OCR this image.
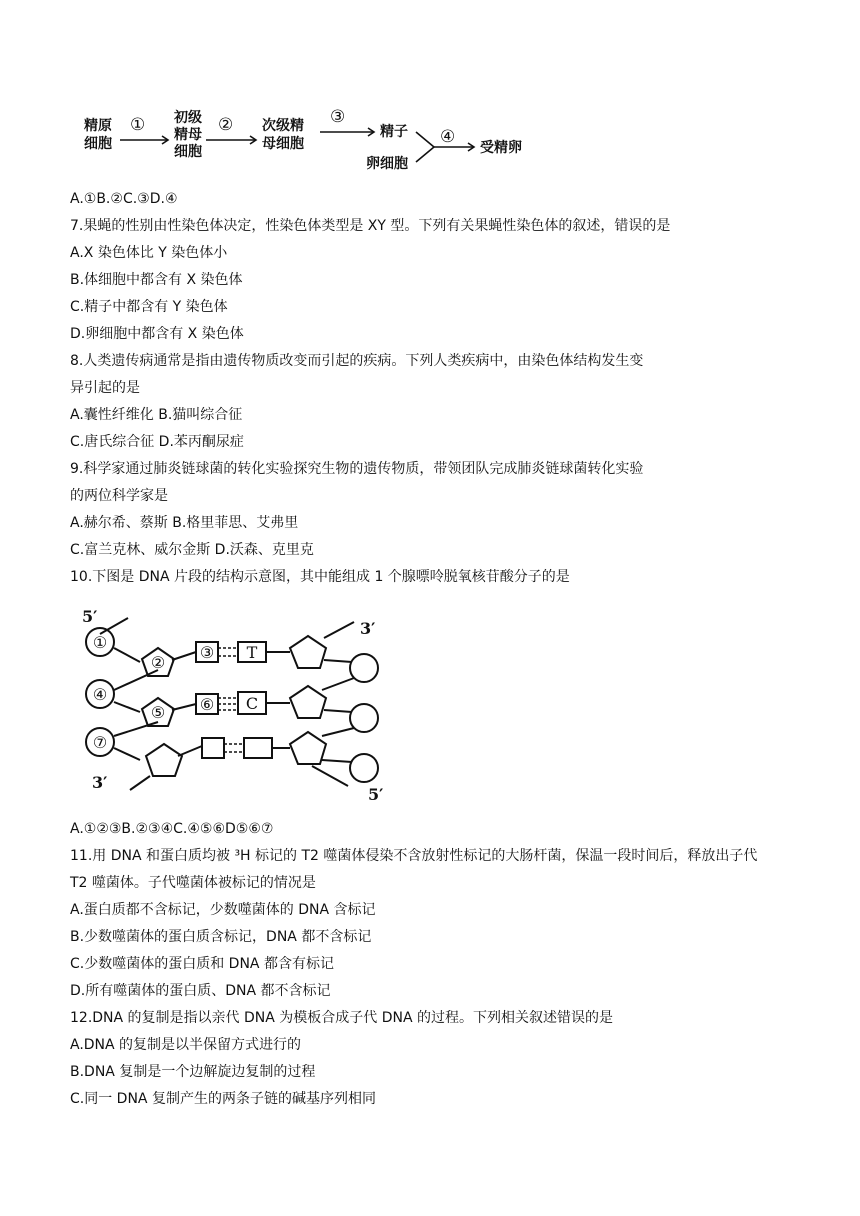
精原
细胞
初级
精母
细胞
次级精
母细胞
精子
卵细胞
受精卵
①	②	③
④
A.①B.②C.③D.④
7.果蝇的性别由性染色体决定，性染色体类型是 XY 型。下列有关果蝇性染色体的叙述，错误的是
A.X 染色体比 Y 染色体小
B.体细胞中都含有 X 染色体
C.精子中都含有 Y 染色体
D.卵细胞中都含有 X 染色体
8.人类遗传病通常是指由遗传物质改变而引起的疾病。下列人类疾病中，由染色体结构发生变
异引起的是
A.囊性纤维化 B.猫叫综合征
C.唐氏综合征 D.苯丙酮尿症
9.科学家通过肺炎链球菌的转化实验探究生物的遗传物质，带领团队完成肺炎链球菌转化实验
的两位科学家是
A.赫尔希、蔡斯 B.格里菲思、艾弗里
C.富兰克林、威尔金斯 D.沃森、克里克
10.下图是 DNA 片段的结构示意图，其中能组成 1 个腺嘌呤脱氧核苷酸分子的是
①
②
③
④
⑤ ⑥
⑦
T
C
5′
3′
3′
5′
A.①②③B.②③④C.④⑤⑥D⑤⑥⑦
11.用 DNA 和蛋白质均被 ³H 标记的 T2 噬菌体侵染不含放射性标记的大肠杆菌，保温一段时间后，释放出子代
T2 噬菌体。子代噬菌体被标记的情况是
A.蛋白质都不含标记，少数噬菌体的 DNA 含标记
B.少数噬菌体的蛋白质含标记，DNA 都不含标记
C.少数噬菌体的蛋白质和 DNA 都含有标记
D.所有噬菌体的蛋白质、DNA 都不含标记
12.DNA 的复制是指以亲代 DNA 为模板合成子代 DNA 的过程。下列相关叙述错误的是
A.DNA 的复制是以半保留方式进行的
B.DNA 复制是一个边解旋边复制的过程
C.同一 DNA 复制产生的两条子链的碱基序列相同
